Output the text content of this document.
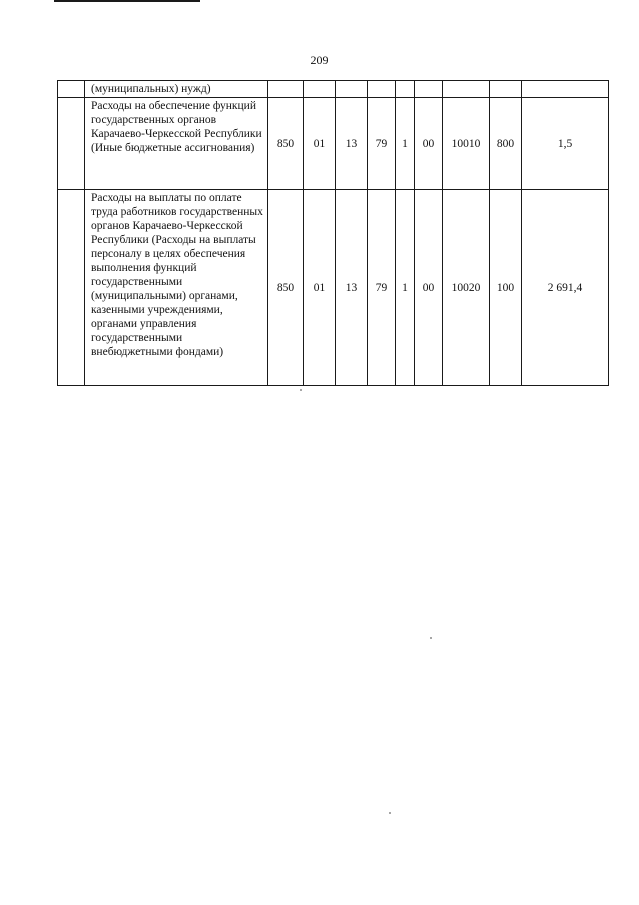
209
	(муниципальных) нужд)									
	Расходы на обеспечение функций государственных органов Карачаево-Черкесской Республики (Иные бюджетные ассигнования)	850	01	13	79	1	00	10010	800	1,5
	Расходы на выплаты по оплате труда работников государственных органов Карачаево-Черкесской Республики (Расходы на выплаты персоналу в целях обеспечения выполнения функций государственными (муниципальными) органами, казенными учреждениями, органами управления государственными внебюджетными фондами)	850	01	13	79	1	00	10020	100	2 691,4
